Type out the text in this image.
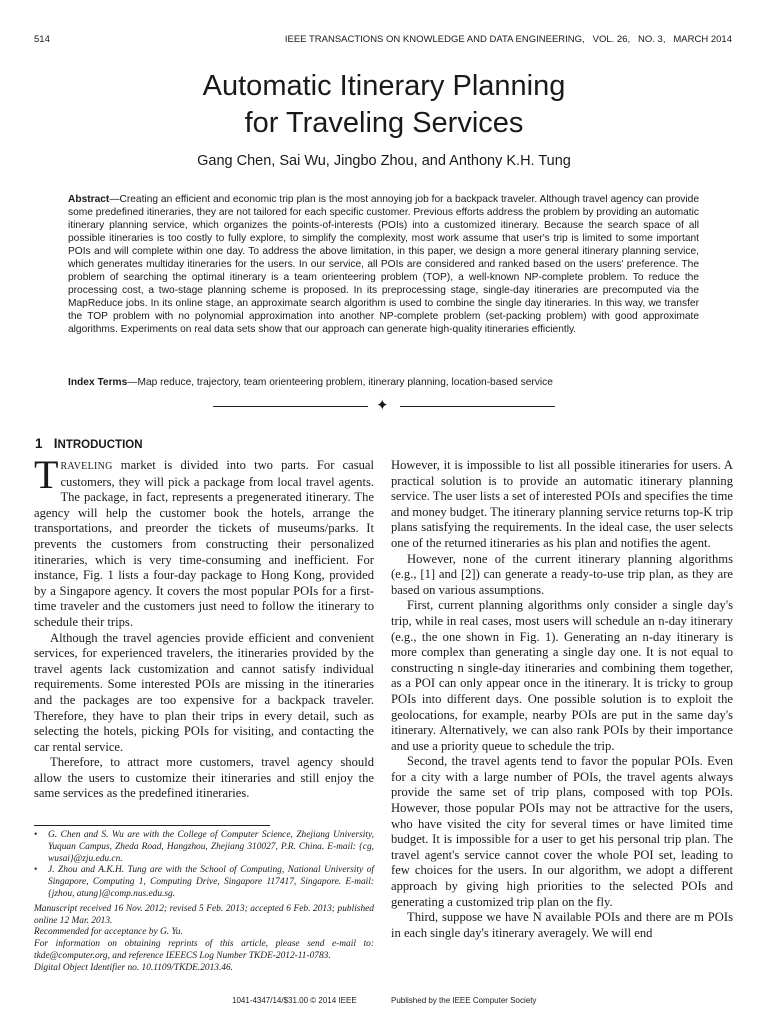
514	IEEE TRANSACTIONS ON KNOWLEDGE AND DATA ENGINEERING,   VOL. 26,   NO. 3,   MARCH 2014
Automatic Itinerary Planning
for Traveling Services
Gang Chen, Sai Wu, Jingbo Zhou, and Anthony K.H. Tung

Abstract—Creating an efficient and economic trip plan is the most annoying job for a backpack traveler. Although travel agency can provide some predefined itineraries, they are not tailored for each specific customer. Previous efforts address the problem by providing an automatic itinerary planning service, which organizes the points-of-interests (POIs) into a customized itinerary. Because the search space of all possible itineraries is too costly to fully explore, to simplify the complexity, most work assume that user's trip is limited to some important POIs and will complete within one day. To address the above limitation, in this paper, we design a more general itinerary planning service, which generates multiday itineraries for the users. In our service, all POIs are considered and ranked based on the users' preference. The problem of searching the optimal itinerary is a team orienteering problem (TOP), a well-known NP-complete problem. To reduce the processing cost, a two-stage planning scheme is proposed. In its preprocessing stage, single-day itineraries are precomputed via the MapReduce jobs. In its online stage, an approximate search algorithm is used to combine the single day itineraries. In this way, we transfer the TOP problem with no polynomial approximation into another NP-complete problem (set-packing problem) with good approximate algorithms. Experiments on real data sets show that our approach can generate high-quality itineraries efficiently.

Index Terms—Map reduce, trajectory, team orienteering problem, itinerary planning, location-based service

✦
1 INTRODUCTION

TRAVELING market is divided into two parts. For casual customers, they will pick a package from local travel agents. The package, in fact, represents a pregenerated itinerary. The agency will help the customer book the hotels, arrange the transportations, and preorder the tickets of museums/parks. It prevents the customers from constructing their personalized itineraries, which is very time-consuming and inefficient. For instance, Fig. 1 lists a four-day package to Hong Kong, provided by a Singapore agency. It covers the most popular POIs for a first-time traveler and the customers just need to follow the itinerary to schedule their trips.

Although the travel agencies provide efficient and convenient services, for experienced travelers, the itineraries provided by the travel agents lack customization and cannot satisfy individual requirements. Some interested POIs are missing in the itineraries and the packages are too expensive for a backpack traveler. Therefore, they have to plan their trips in every detail, such as selecting the hotels, picking POIs for visiting, and contacting the car rental service.

Therefore, to attract more customers, travel agency should allow the users to customize their itineraries and still enjoy the same services as the predefined itineraries.

• G. Chen and S. Wu are with the College of Computer Science, Zhejiang University, Yuquan Campus, Zheda Road, Hangzhou, Zhejiang 310027, P.R. China. E-mail: {cg, wusai}@zju.edu.cn.

• J. Zhou and A.K.H. Tung are with the School of Computing, National University of Singapore, Computing 1, Computing Drive, Singapore 117417, Singapore. E-mail: {jzhou, atung}@comp.nus.edu.sg.

Manuscript received 16 Nov. 2012; revised 5 Feb. 2013; accepted 6 Feb. 2013; published online 12 Mar. 2013.

Recommended for acceptance by G. Yu.

For information on obtaining reprints of this article, please send e-mail to: tkde@computer.org, and reference IEEECS Log Number TKDE-2012-11-0783.

Digital Object Identifier no. 10.1109/TKDE.2013.46.

However, it is impossible to list all possible itineraries for users. A practical solution is to provide an automatic itinerary planning service. The user lists a set of interested POIs and specifies the time and money budget. The itinerary planning service returns top-K trip plans satisfying the requirements. In the ideal case, the user selects one of the returned itineraries as his plan and notifies the agent.

However, none of the current itinerary planning algorithms (e.g., [1] and [2]) can generate a ready-to-use trip plan, as they are based on various assumptions.

First, current planning algorithms only consider a single day's trip, while in real cases, most users will schedule an n-day itinerary (e.g., the one shown in Fig. 1). Generating an n-day itinerary is more complex than generating a single day one. It is not equal to constructing n single-day itineraries and combining them together, as a POI can only appear once in the itinerary. It is tricky to group POIs into different days. One possible solution is to exploit the geolocations, for example, nearby POIs are put in the same day's itinerary. Alternatively, we can also rank POIs by their importance and use a priority queue to schedule the trip.

Second, the travel agents tend to favor the popular POIs. Even for a city with a large number of POIs, the travel agents always provide the same set of trip plans, composed with top POIs. However, those popular POIs may not be attractive for the users, who have visited the city for several times or have limited time budget. It is impossible for a user to get his personal trip plan. The travel agent's service cannot cover the whole POI set, leading to few choices for the users. In our algorithm, we adopt a different approach by giving high priorities to the selected POIs and generating a customized trip plan on the fly.

Third, suppose we have N available POIs and there are m POIs in each single day's itinerary averagely. We will end

1041-4347/14/$31.00 © 2014 IEEE	Published by the IEEE Computer Society
